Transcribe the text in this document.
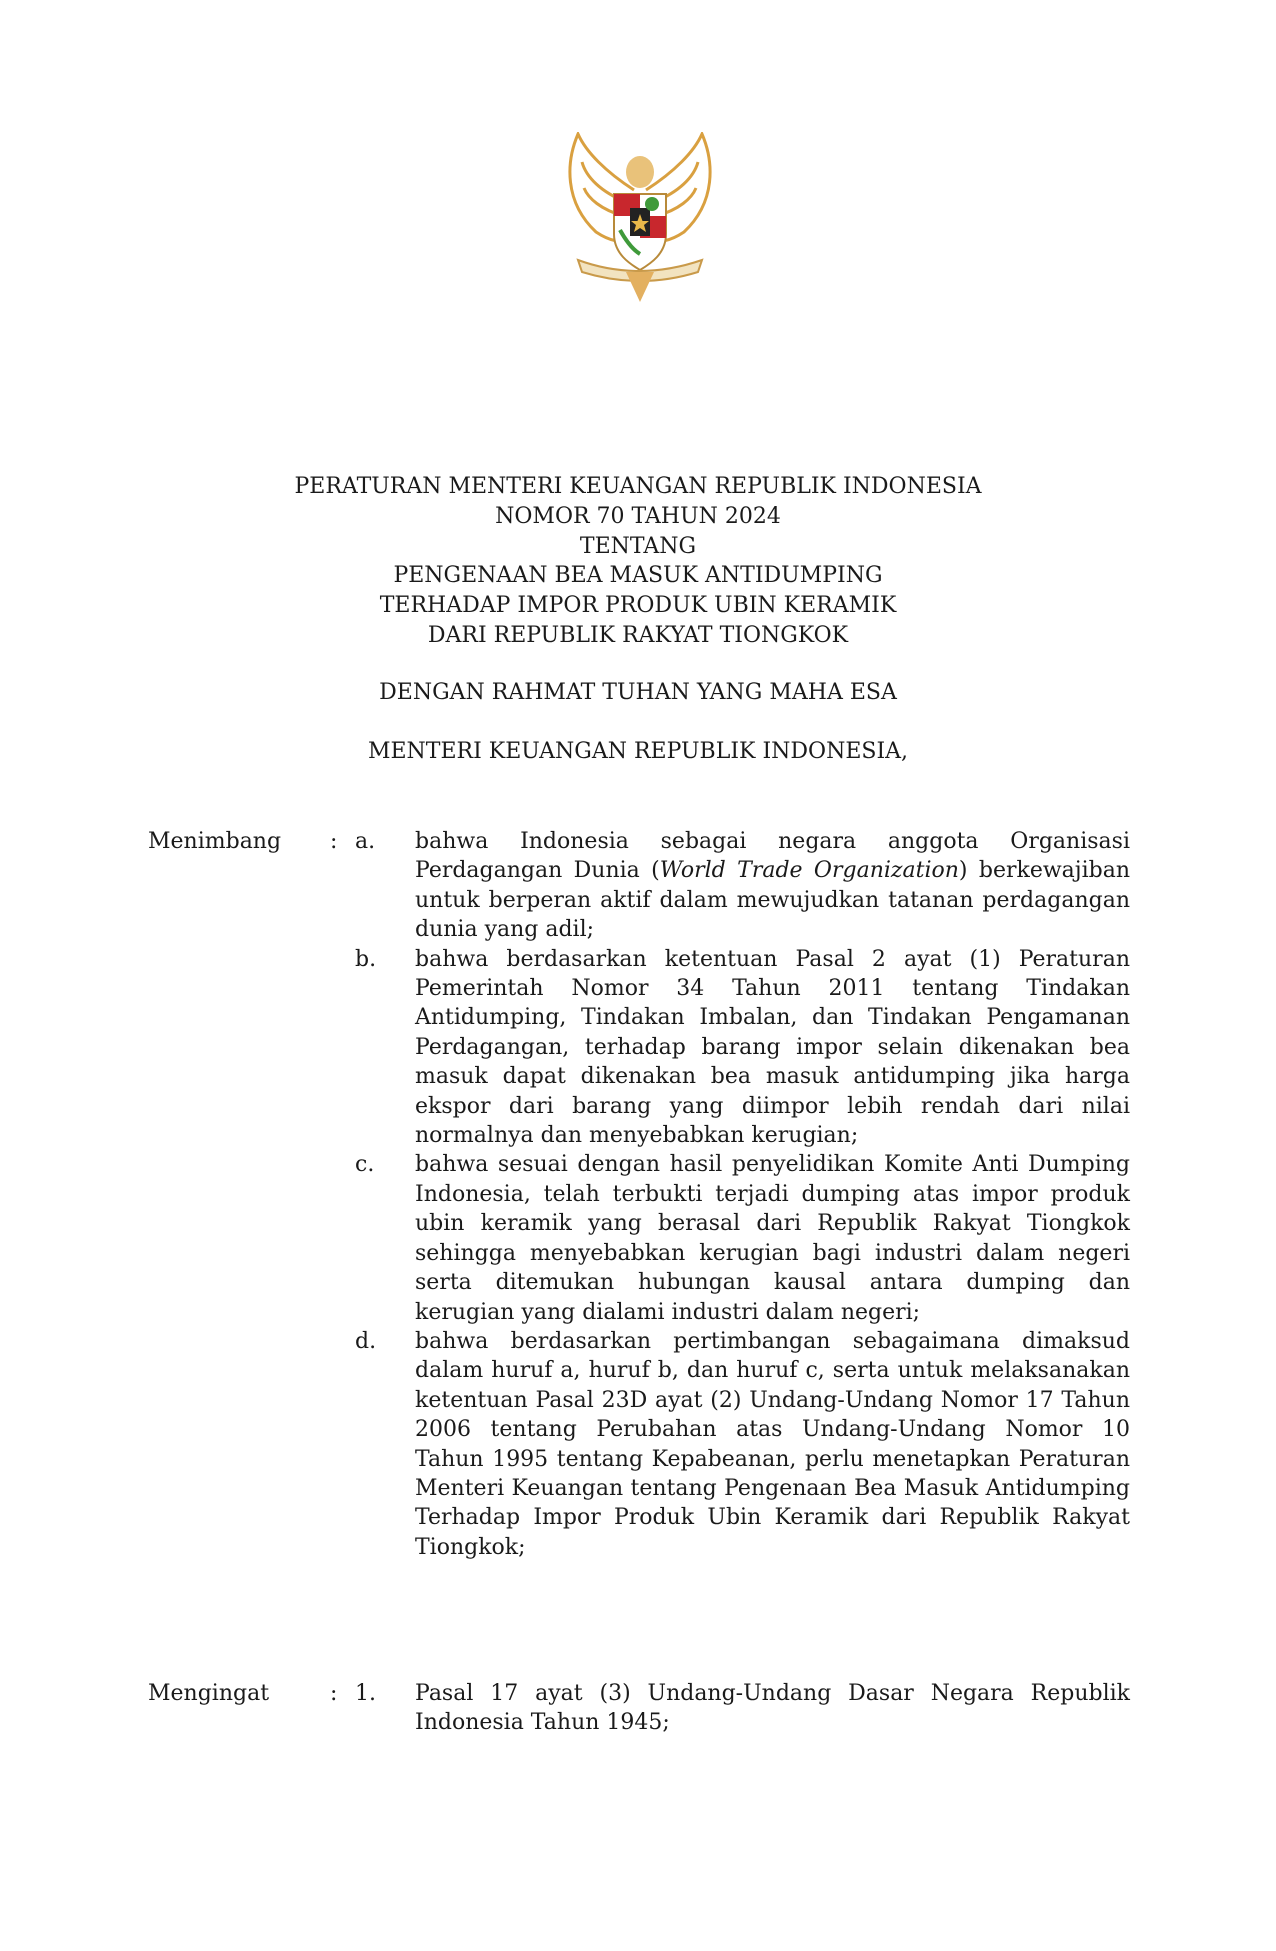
PERATURAN MENTERI KEUANGAN REPUBLIK INDONESIA
NOMOR 70 TAHUN 2024
TENTANG
PENGENAAN BEA MASUK ANTIDUMPING
TERHADAP IMPOR PRODUK UBIN KERAMIK
DARI REPUBLIK RAKYAT TIONGKOK
DENGAN RAHMAT TUHAN YANG MAHA ESA
MENTERI KEUANGAN REPUBLIK INDONESIA,
Menimbang	: a.	bahwa Indonesia sebagai negara anggota Organisasi Perdagangan Dunia (World Trade Organization) berkewajiban untuk berperan aktif dalam mewujudkan tatanan perdagangan dunia yang adil;
b.	bahwa berdasarkan ketentuan Pasal 2 ayat (1) Peraturan Pemerintah Nomor 34 Tahun 2011 tentang Tindakan Antidumping, Tindakan Imbalan, dan Tindakan Pengamanan Perdagangan, terhadap barang impor selain dikenakan bea masuk dapat dikenakan bea masuk antidumping jika harga ekspor dari barang yang diimpor lebih rendah dari nilai normalnya dan menyebabkan kerugian;
c.	bahwa sesuai dengan hasil penyelidikan Komite Anti Dumping Indonesia, telah terbukti terjadi dumping atas impor produk ubin keramik yang berasal dari Republik Rakyat Tiongkok sehingga menyebabkan kerugian bagi industri dalam negeri serta ditemukan hubungan kausal antara dumping dan kerugian yang dialami industri dalam negeri;
d.	bahwa berdasarkan pertimbangan sebagaimana dimaksud dalam huruf a, huruf b, dan huruf c, serta untuk melaksanakan ketentuan Pasal 23D ayat (2) Undang-Undang Nomor 17 Tahun 2006 tentang Perubahan atas Undang-Undang Nomor 10 Tahun 1995 tentang Kepabeanan, perlu menetapkan Peraturan Menteri Keuangan tentang Pengenaan Bea Masuk Antidumping Terhadap Impor Produk Ubin Keramik dari Republik Rakyat Tiongkok;
Mengingat	: 1.	Pasal 17 ayat (3) Undang-Undang Dasar Negara Republik Indonesia Tahun 1945;
